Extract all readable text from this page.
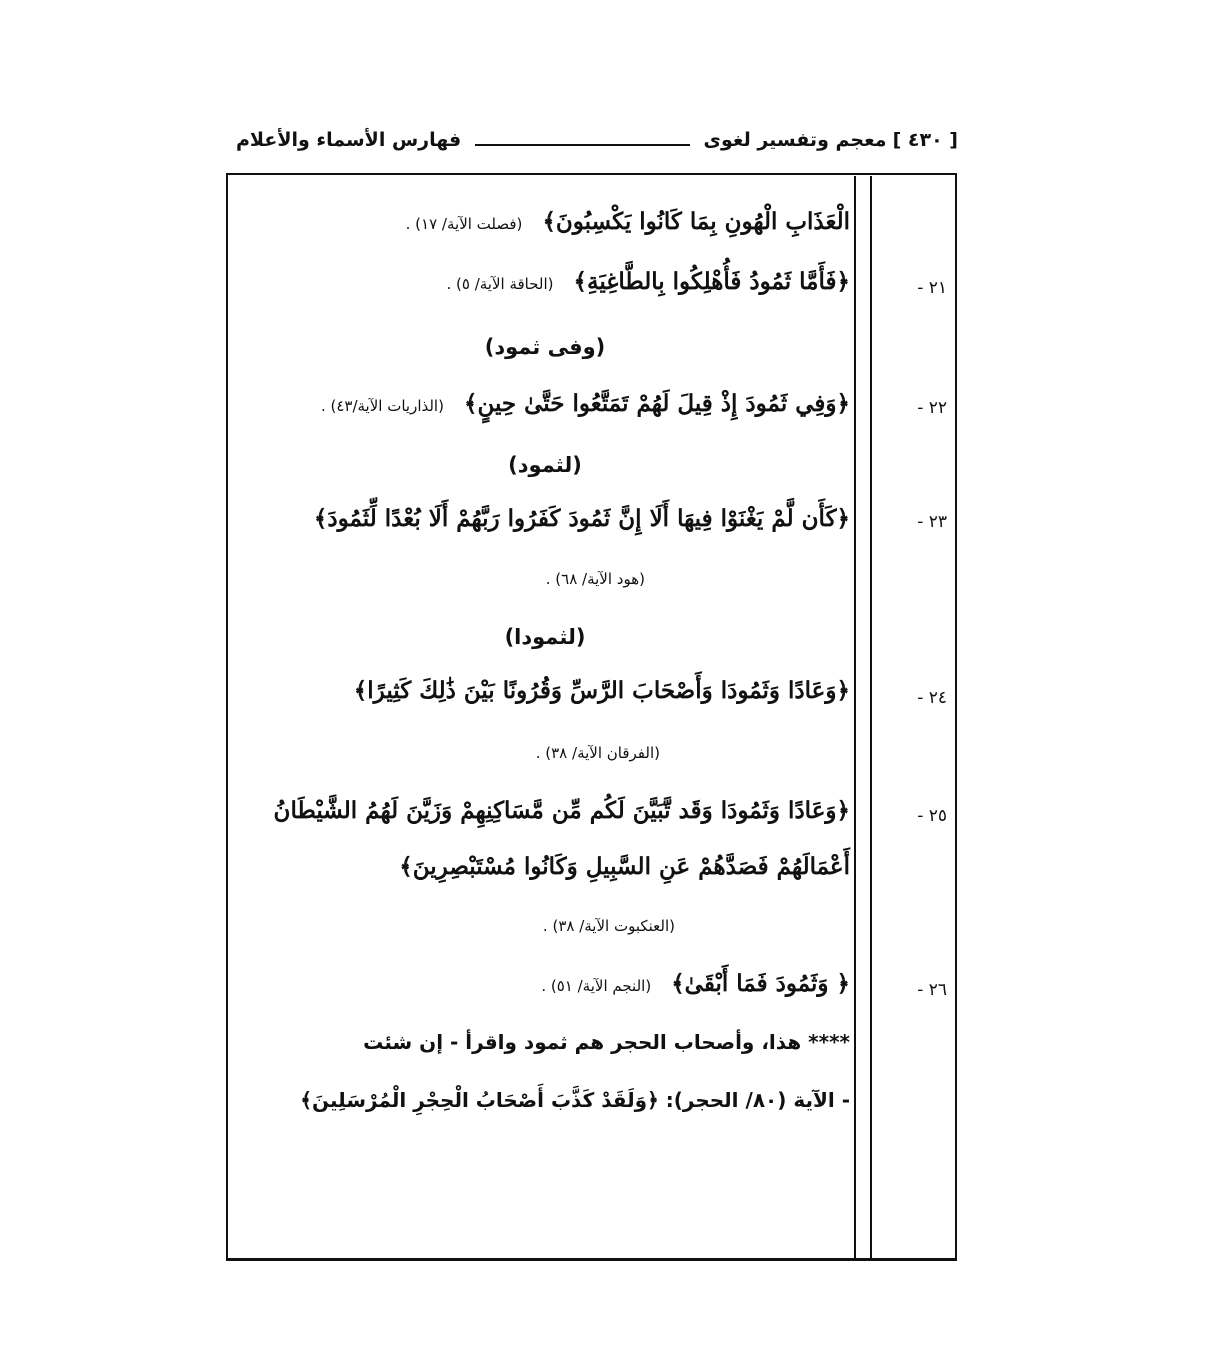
[ ٤٣٠ ]
معجم وتفسير لغوى
فهارس الأسماء والأعلام
الْعَذَابِ الْهُونِ بِمَا كَانُوا يَكْسِبُونَ﴾ (فصلت الآية/ ١٧) .
﴿فَأَمَّا ثَمُودُ فَأُهْلِكُوا بِالطَّاغِيَةِ﴾ (الحاقة الآية/ ٥) .
(وفى ثمود)
﴿وَفِي ثَمُودَ إِذْ قِيلَ لَهُمْ تَمَتَّعُوا حَتَّىٰ حِينٍ﴾ (الذاريات الآية/٤٣) .
(لثمود)
﴿كَأَن لَّمْ يَغْنَوْا فِيهَا أَلَا إِنَّ ثَمُودَ كَفَرُوا رَبَّهُمْ أَلَا بُعْدًا لِّثَمُودَ﴾
(هود الآية/ ٦٨) .
(لثمودا)
﴿وَعَادًا وَثَمُودَا وَأَصْحَابَ الرَّسِّ وَقُرُونًا بَيْنَ ذَٰلِكَ كَثِيرًا﴾
(الفرقان الآية/ ٣٨) .
﴿وَعَادًا وَثَمُودَا وَقَد تَّبَيَّنَ لَكُم مِّن مَّسَاكِنِهِمْ وَزَيَّنَ لَهُمُ الشَّيْطَانُ
أَعْمَالَهُمْ فَصَدَّهُمْ عَنِ السَّبِيلِ وَكَانُوا مُسْتَبْصِرِينَ﴾
(العنكبوت الآية/ ٣٨) .
﴿ وَثَمُودَ فَمَا أَبْقَىٰ﴾ (النجم الآية/ ٥١) .
**** هذا، وأصحاب الحجر هم ثمود واقرأ - إن شئت
- الآية (٨٠/ الحجر): ﴿وَلَقَدْ كَذَّبَ أَصْحَابُ الْحِجْرِ الْمُرْسَلِينَ﴾
٢١ -
٢٢ -
٢٣ -
٢٤ -
٢٥ -
٢٦ -
